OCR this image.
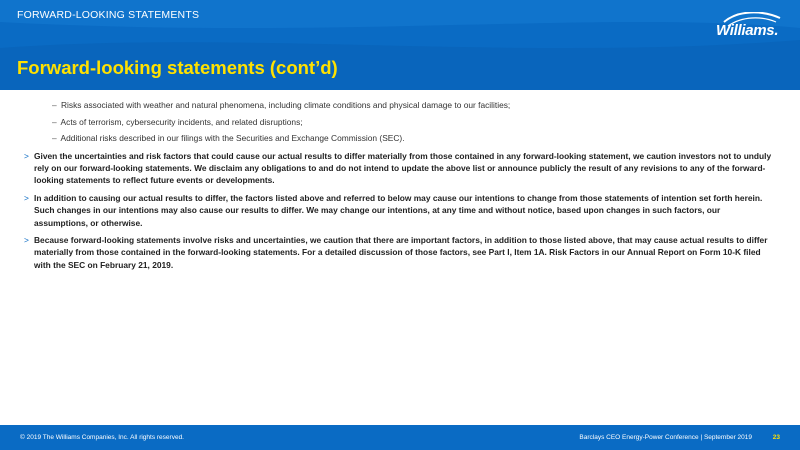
FORWARD-LOOKING STATEMENTS
Forward-looking statements (cont’d)
Williams.
– Risks associated with weather and natural phenomena, including climate conditions and physical damage to our facilities;
– Acts of terrorism, cybersecurity incidents, and related disruptions;
– Additional risks described in our filings with the Securities and Exchange Commission (SEC).
> Given the uncertainties and risk factors that could cause our actual results to differ materially from those contained in any forward-looking statement, we caution investors not to unduly rely on our forward-looking statements. We disclaim any obligations to and do not intend to update the above list or announce publicly the result of any revisions to any of the forward-looking statements to reflect future events or developments.
> In addition to causing our actual results to differ, the factors listed above and referred to below may cause our intentions to change from those statements of intention set forth herein. Such changes in our intentions may also cause our results to differ. We may change our intentions, at any time and without notice, based upon changes in such factors, our assumptions, or otherwise.
> Because forward-looking statements involve risks and uncertainties, we caution that there are important factors, in addition to those listed above, that may cause actual results to differ materially from those contained in the forward-looking statements. For a detailed discussion of those factors, see Part I, Item 1A. Risk Factors in our Annual Report on Form 10-K filed with the SEC on February 21, 2019.
© 2019 The Williams Companies, Inc. All rights reserved.	Barclays CEO Energy-Power Conference | September 2019	23
